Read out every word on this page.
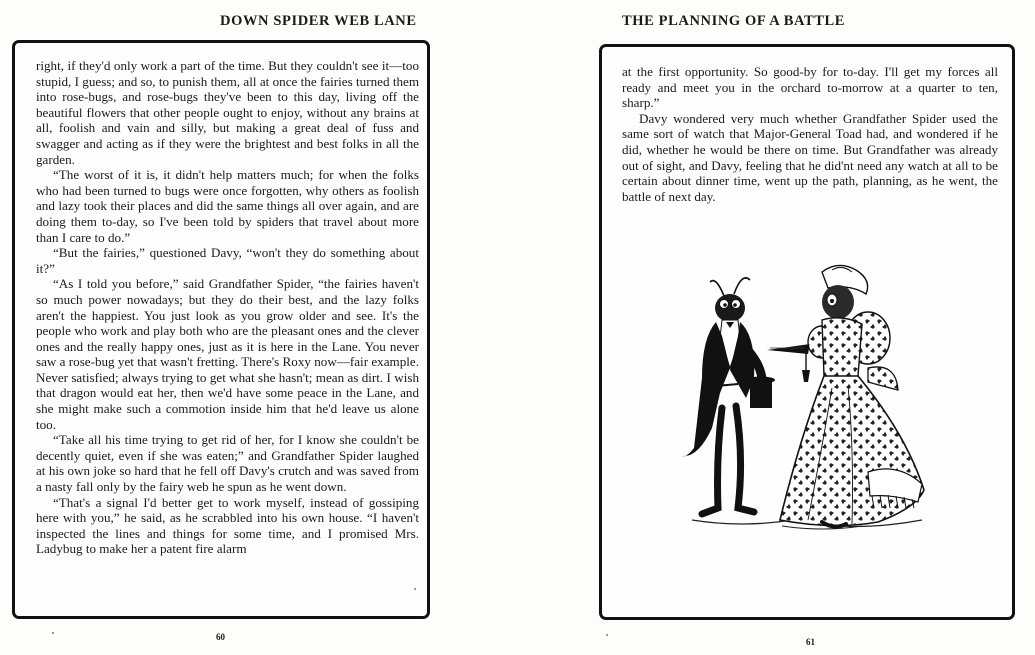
DOWN SPIDER WEB LANE	THE PLANNING OF A BATTLE

right, if they'd only work a part of the time. But they couldn't see it—too stupid, I guess; and so, to punish them, all at once the fairies turned them into rose-bugs, and rose-bugs they've been to this day, living off the beautiful flowers that other people ought to enjoy, without any brains at all, foolish and vain and silly, but making a great deal of fuss and swagger and acting as if they were the brightest and best folks in all the garden.

“The worst of it is, it didn't help matters much; for when the folks who had been turned to bugs were once forgotten, why others as foolish and lazy took their places and did the same things all over again, and are doing them to-day, so I've been told by spiders that travel about more than I care to do.”

“But the fairies,” questioned Davy, “won't they do something about it?”

“As I told you before,” said Grandfather Spider, “the fairies haven't so much power nowadays; but they do their best, and the lazy folks aren't the happiest. You just look as you grow older and see. It's the people who work and play both who are the pleasant ones and the clever ones and the really happy ones, just as it is here in the Lane. You never saw a rose-bug yet that wasn't fretting. There's Roxy now—fair example. Never satisfied; always trying to get what she hasn't; mean as dirt. I wish that dragon would eat her, then we'd have some peace in the Lane, and she might make such a commotion inside him that he'd leave us alone too.

“Take all his time trying to get rid of her, for I know she couldn't be decently quiet, even if she was eaten;” and Grandfather Spider laughed at his own joke so hard that he fell off Davy's crutch and was saved from a nasty fall only by the fairy web he spun as he went down.

“That's a signal I'd better get to work myself, instead of gossiping here with you,” he said, as he scrabbled into his own house. “I haven't inspected the lines and things for some time, and I promised Mrs. Ladybug to make her a patent fire alarm

at the first opportunity. So good-by for to-day. I'll get my forces all ready and meet you in the orchard to-morrow at a quarter to ten, sharp.”

Davy wondered very much whether Grandfather Spider used the same sort of watch that Major-General Toad had, and wondered if he did, whether he would be there on time. But Grandfather was already out of sight, and Davy, feeling that he did'nt need any watch at all to be certain about dinner time, went up the path, planning, as he went, the battle of next day.

60	61
